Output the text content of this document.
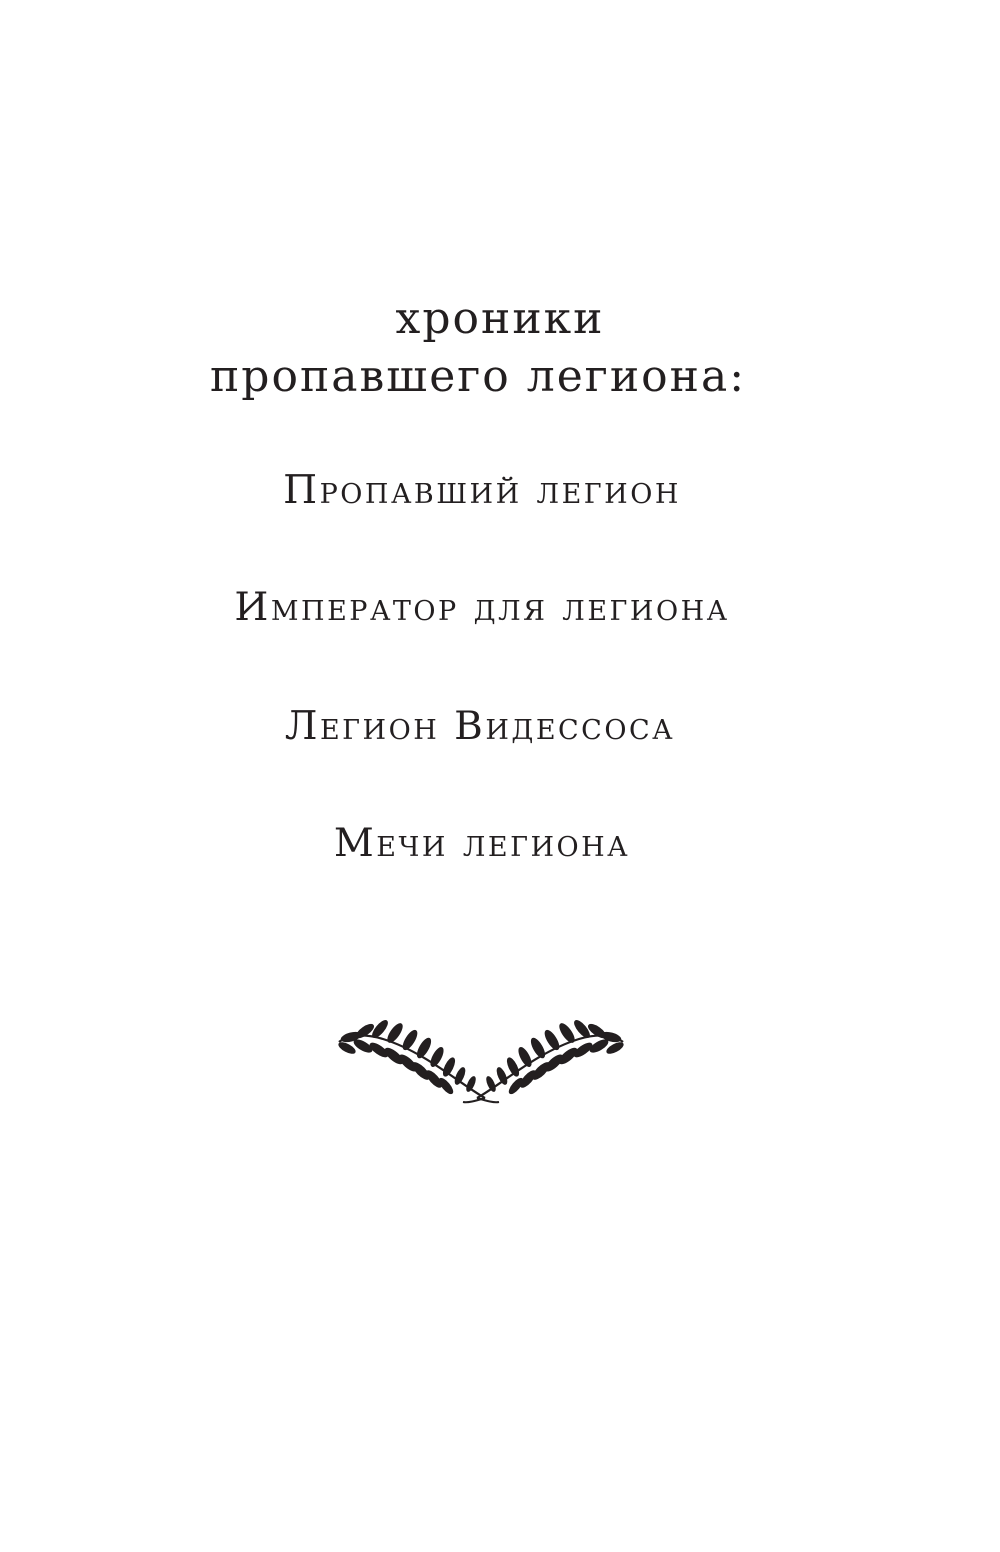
хроники
пропавшего легиона:

Пропавший легион

Император для легиона

Легион Видессоса

Мечи легиона
